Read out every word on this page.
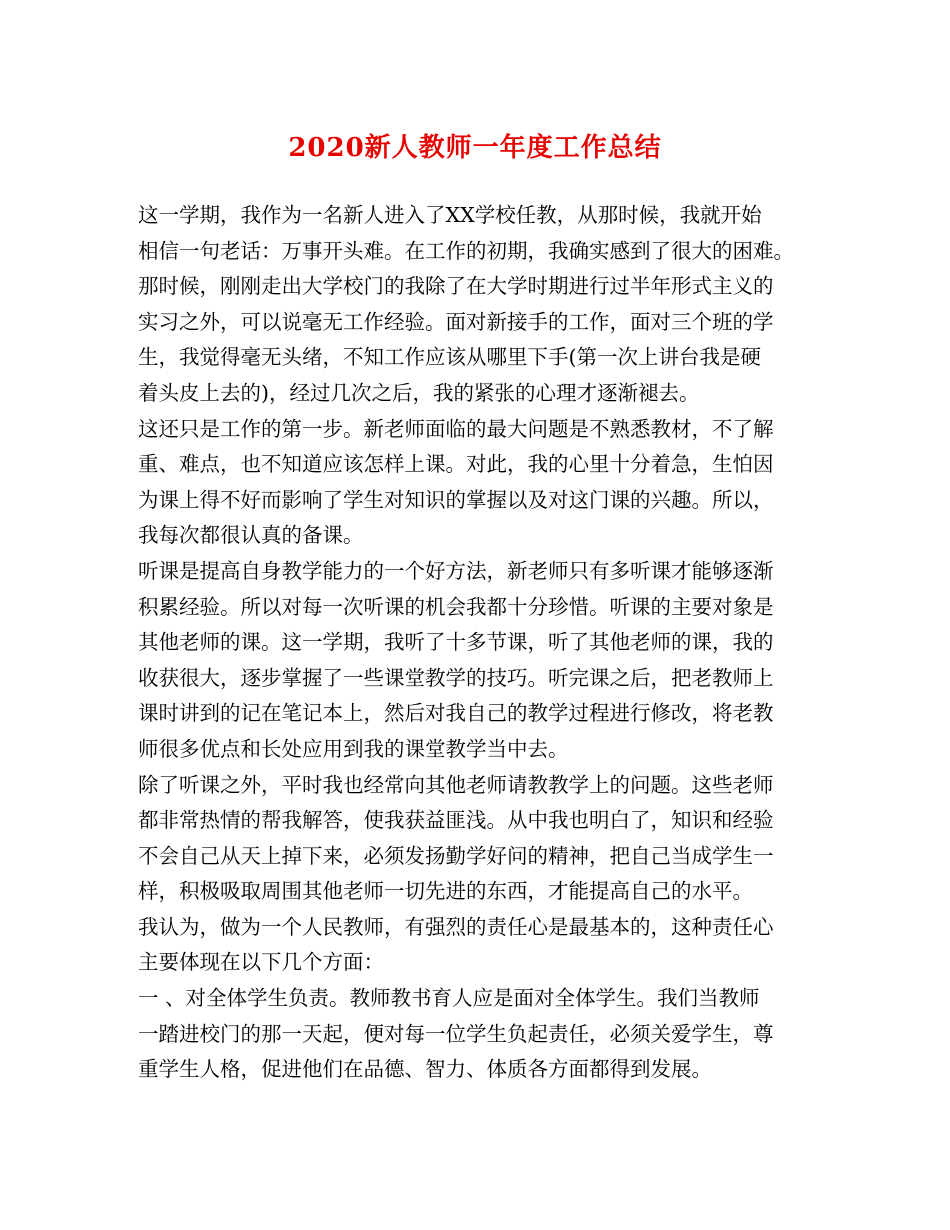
2020新人教师一年度工作总结
这一学期，我作为一名新人进入了XX学校任教，从那时候，我就开始
相信一句老话：万事开头难。在工作的初期，我确实感到了很大的困难。
那时候，刚刚走出大学校门的我除了在大学时期进行过半年形式主义的
实习之外，可以说毫无工作经验。面对新接手的工作，面对三个班的学
生，我觉得毫无头绪，不知工作应该从哪里下手(第一次上讲台我是硬
着头皮上去的)，经过几次之后，我的紧张的心理才逐渐褪去。
这还只是工作的第一步。新老师面临的最大问题是不熟悉教材，不了解
重、难点，也不知道应该怎样上课。对此，我的心里十分着急，生怕因
为课上得不好而影响了学生对知识的掌握以及对这门课的兴趣。所以，
我每次都很认真的备课。
听课是提高自身教学能力的一个好方法，新老师只有多听课才能够逐渐
积累经验。所以对每一次听课的机会我都十分珍惜。听课的主要对象是
其他老师的课。这一学期，我听了十多节课，听了其他老师的课，我的
收获很大，逐步掌握了一些课堂教学的技巧。听完课之后，把老教师上
课时讲到的记在笔记本上，然后对我自己的教学过程进行修改，将老教
师很多优点和长处应用到我的课堂教学当中去。
除了听课之外，平时我也经常向其他老师请教教学上的问题。这些老师
都非常热情的帮我解答，使我获益匪浅。从中我也明白了，知识和经验
不会自己从天上掉下来，必须发扬勤学好问的精神，把自己当成学生一
样，积极吸取周围其他老师一切先进的东西，才能提高自己的水平。
我认为，做为一个人民教师，有强烈的责任心是最基本的，这种责任心
主要体现在以下几个方面：
一 、对全体学生负责。教师教书育人应是面对全体学生。我们当教师
一踏进校门的那一天起，便对每一位学生负起责任，必须关爱学生，尊
重学生人格，促进他们在品德、智力、体质各方面都得到发展。
